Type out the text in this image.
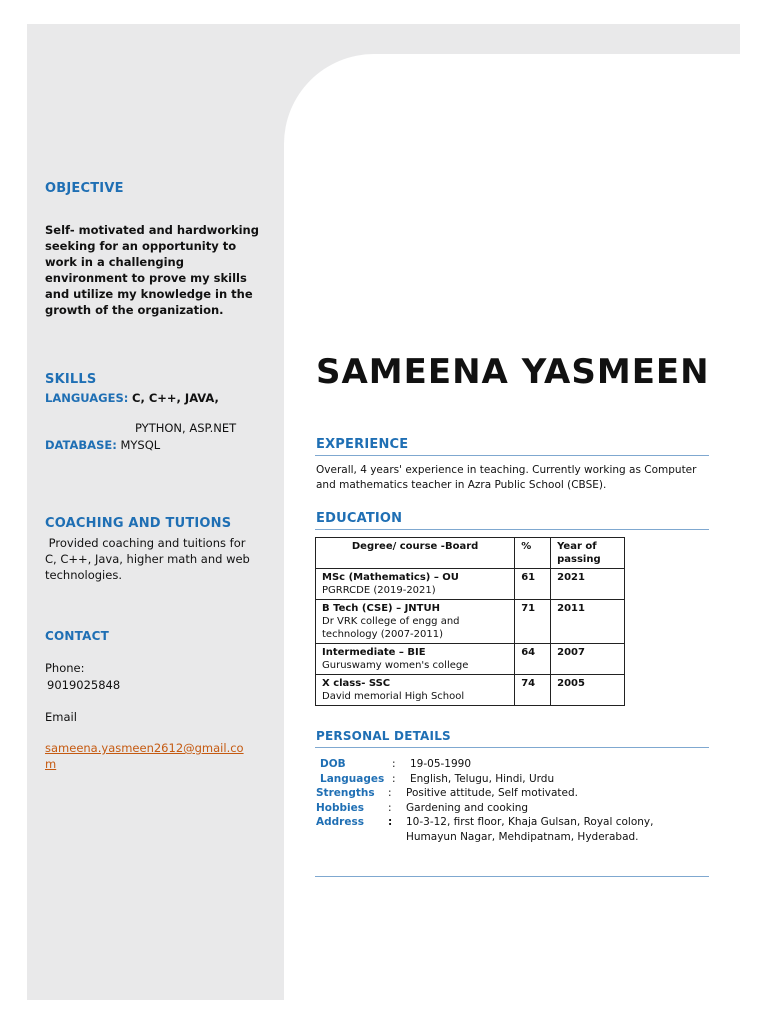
OBJECTIVE
Self- motivated and hardworking seeking for an opportunity to work in a challenging environment to prove my skills and utilize my knowledge in the growth of the organization.
SKILLS
LANGUAGES: C, C++, JAVA,
PYTHON, ASP.NET
DATABASE: MYSQL
COACHING AND TUTIONS
Provided coaching and tuitions for C, C++, Java, higher math and web technologies.
CONTACT
Phone:
9019025848
Email
sameena.yasmeen2612@gmail.co
m
SAMEENA YASMEEN
EXPERIENCE
Overall, 4 years' experience in teaching. Currently working as Computer and mathematics teacher in Azra Public School (CBSE).
EDUCATION
Degree/ course -Board	%	Year of passing

MSc (Mathematics) – OU
PGRRCDE (2019-2021)	61	2021

B Tech (CSE) – JNTUH
Dr VRK college of engg and technology (2007-2011)	71	2011

Intermediate – BIE
Guruswamy women's college	64	2007

X class- SSC
David memorial High School	74	2005
PERSONAL DETAILS
DOB	:	19-05-1990
Languages :	English, Telugu, Hindi, Urdu
Strengths	:	Positive attitude, Self motivated.
Hobbies	:	Gardening and cooking
Address	:	10-3-12, first floor, Khaja Gulsan, Royal colony, Humayun Nagar, Mehdipatnam, Hyderabad.
